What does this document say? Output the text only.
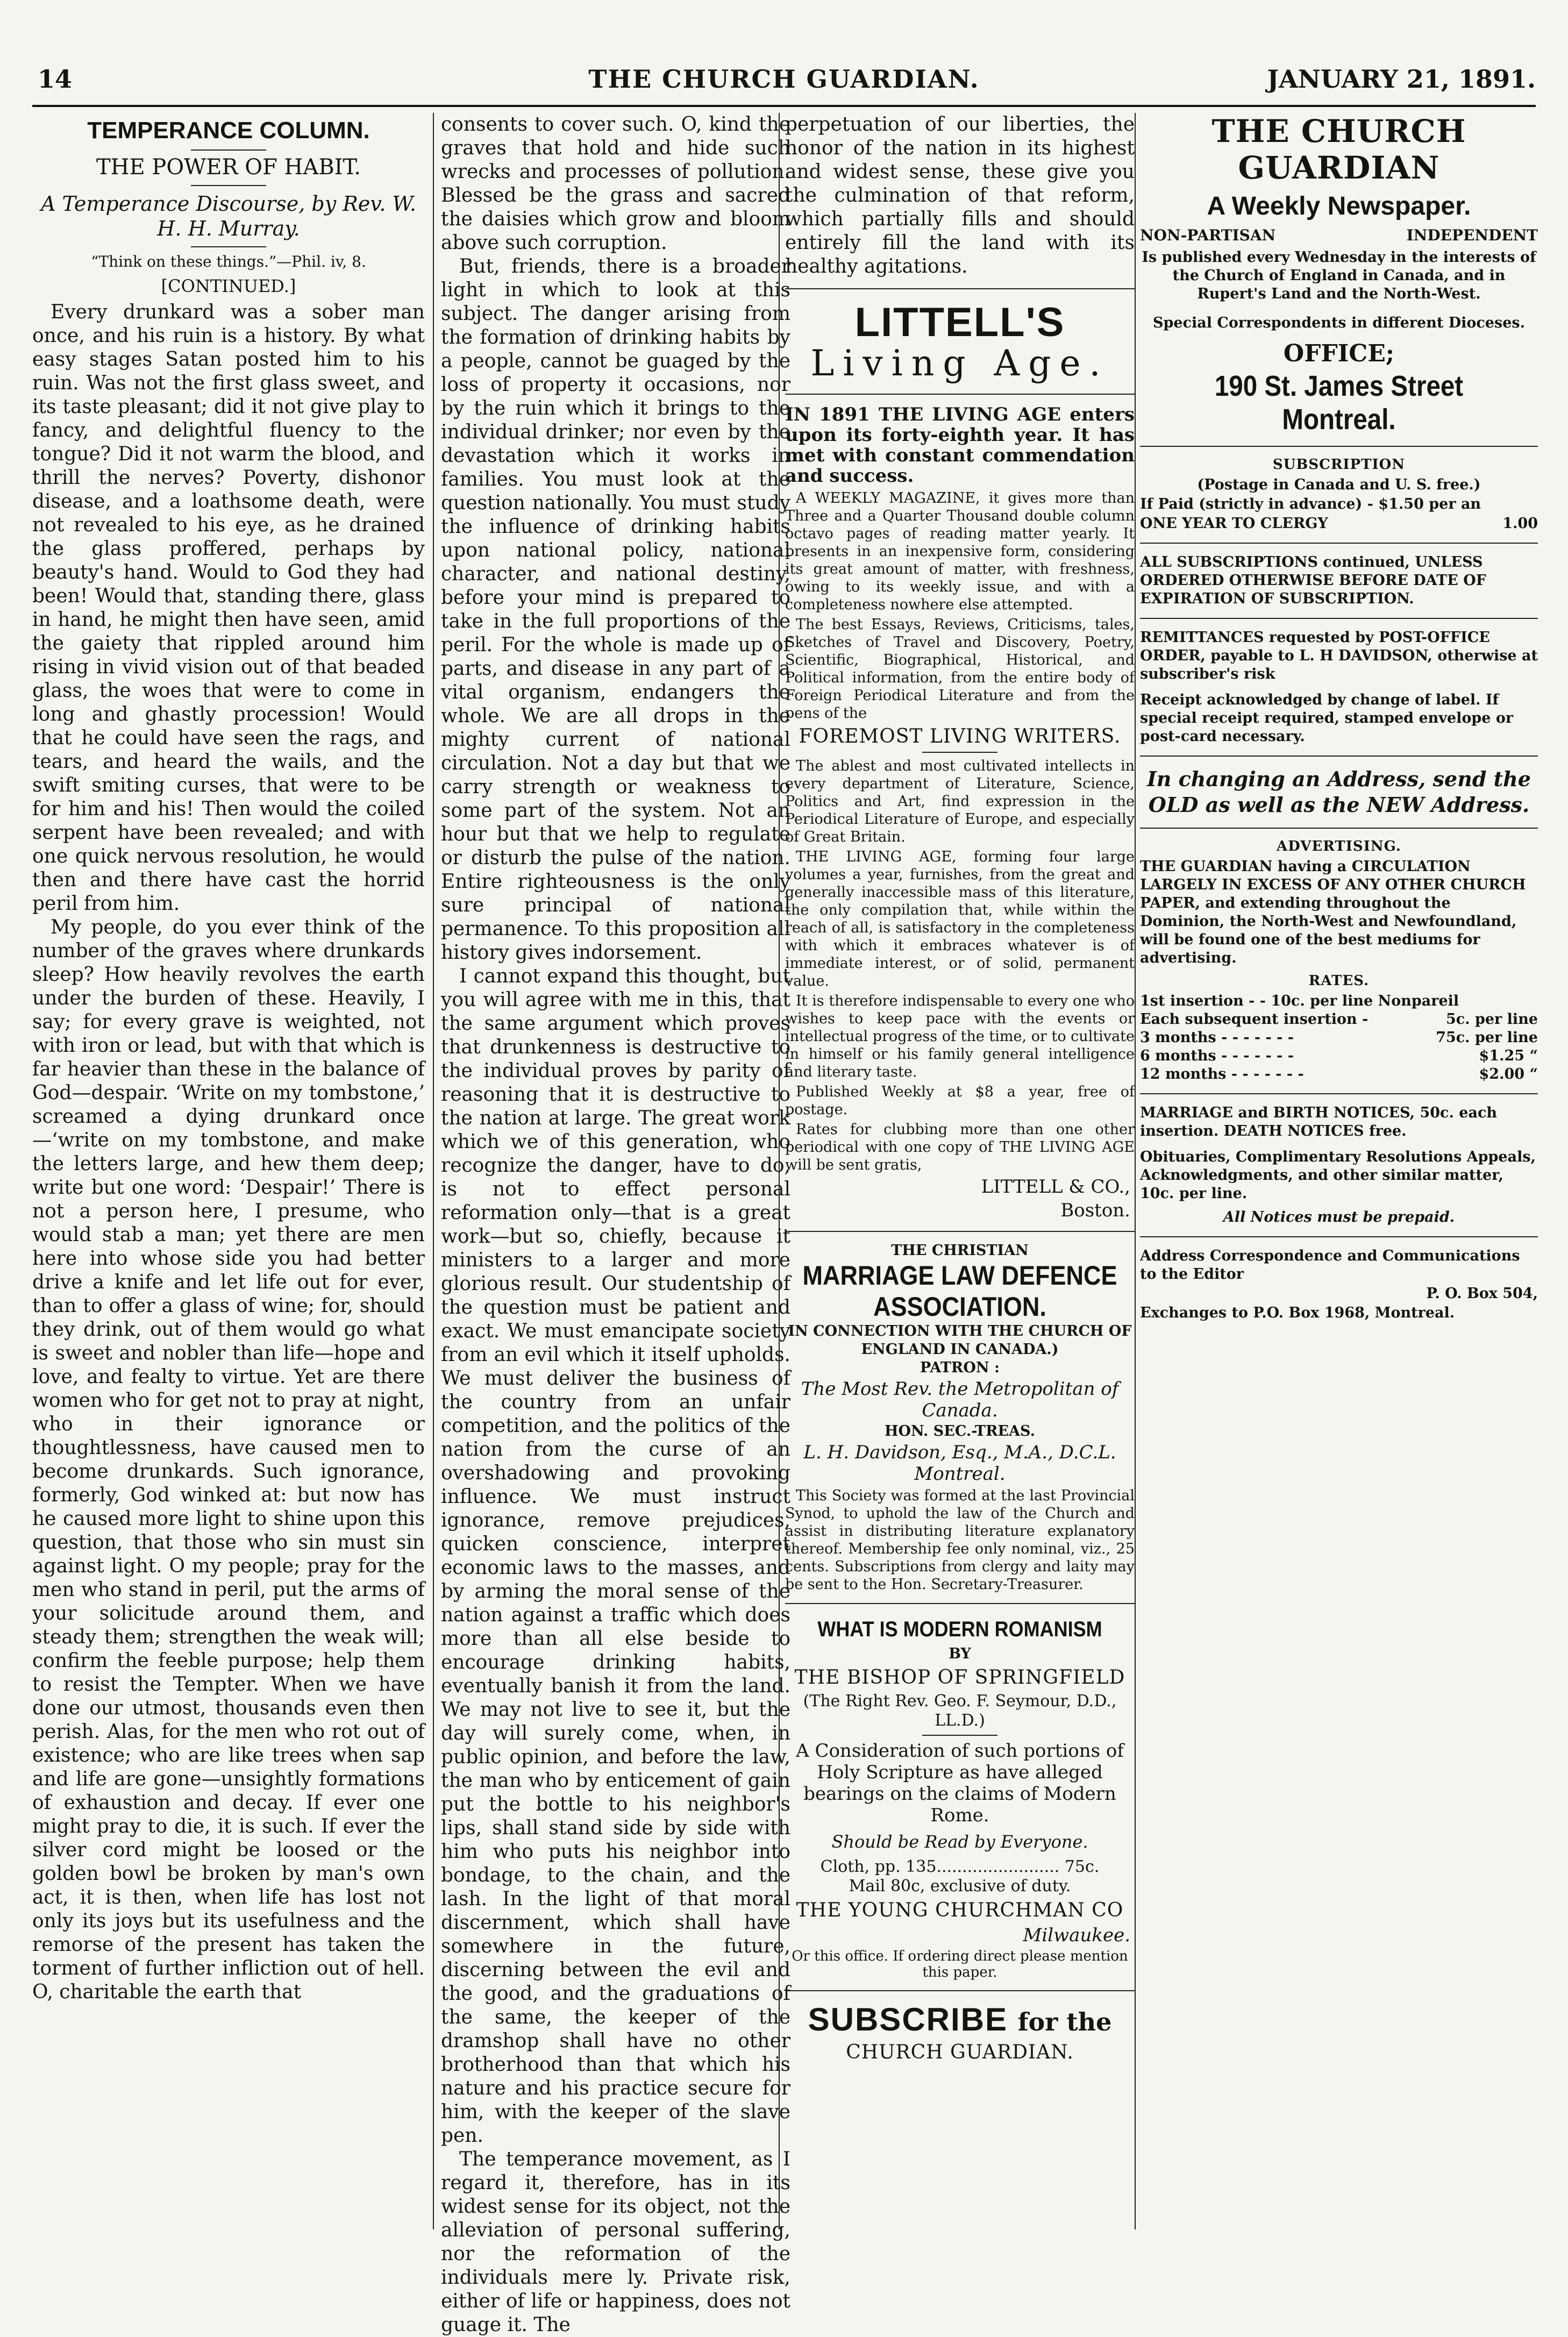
14	THE CHURCH GUARDIAN.	JANUARY 21, 1891.
TEMPERANCE COLUMN.
THE POWER OF HABIT.
A Temperance Discourse, by Rev. W. H. H. Murray.
“Think on these things.”—Phil. iv, 8.
[CONTINUED.]

Every drunkard was a sober man once, and his ruin is a history. By what easy stages Satan posted him to his ruin. Was not the first glass sweet, and its taste pleasant; did it not give play to fancy, and delightful fluency to the tongue? Did it not warm the blood, and thrill the nerves? Poverty, dishonor disease, and a loathsome death, were not revealed to his eye, as he drained the glass proffered, perhaps by beauty's hand. Would to God they had been! Would that, standing there, glass in hand, he might then have seen, amid the gaiety that rippled around him rising in vivid vision out of that beaded glass, the woes that were to come in long and ghastly procession! Would that he could have seen the rags, and tears, and heard the wails, and the swift smiting curses, that were to be for him and his! Then would the coiled serpent have been revealed; and with one quick nervous resolution, he would then and there have cast the horrid peril from him.

My people, do you ever think of the number of the graves where drunkards sleep? How heavily revolves the earth under the burden of these. Heavily, I say; for every grave is weighted, not with iron or lead, but with that which is far heavier than these in the balance of God—despair. ‘Write on my tombstone,’ screamed a dying drunkard once—‘write on my tombstone, and make the letters large, and hew them deep; write but one word: ‘Despair!’ There is not a person here, I presume, who would stab a man; yet there are men here into whose side you had better drive a knife and let life out for ever, than to offer a glass of wine; for, should they drink, out of them would go what is sweet and nobler than life—hope and love, and fealty to virtue. Yet are there women who for get not to pray at night, who in their ignorance or thoughtlessness, have caused men to become drunkards. Such ignorance, formerly, God winked at: but now has he caused more light to shine upon this question, that those who sin must sin against light. O my people; pray for the men who stand in peril, put the arms of your solicitude around them, and steady them; strengthen the weak will; confirm the feeble purpose; help them to resist the Tempter. When we have done our utmost, thousands even then perish. Alas, for the men who rot out of existence; who are like trees when sap and life are gone—unsightly formations of exhaustion and decay. If ever one might pray to die, it is such. If ever the silver cord might be loosed or the golden bowl be broken by man's own act, it is then, when life has lost not only its joys but its usefulness and the remorse of the present has taken the torment of further infliction out of hell. O, charitable the earth that

consents to cover such. O, kind the graves that hold and hide such wrecks and processes of pollution. Blessed be the grass and sacred the daisies which grow and bloom above such corruption.

But, friends, there is a broader light in which to look at this subject. The danger arising from the formation of drinking habits by a people, cannot be guaged by the loss of property it occasions, nor by the ruin which it brings to the individual drinker; nor even by the devastation which it works in families. You must look at the question nationally. You must study the influence of drinking habits upon national policy, national character, and national destiny, before your mind is prepared to take in the full proportions of the peril. For the whole is made up of parts, and disease in any part of a vital organism, endangers the whole. We are all drops in the mighty current of national circulation. Not a day but that we carry strength or weakness to some part of the system. Not an hour but that we help to regulate or disturb the pulse of the nation. Entire righteousness is the only sure principal of national permanence. To this proposition all history gives indorsement.

I cannot expand this thought, but you will agree with me in this, that the same argument which proves that drunkenness is destructive to the individual proves by parity of reasoning that it is destructive to the nation at large. The great work which we of this generation, who recognize the danger, have to do, is not to effect personal reformation only—that is a great work—but so, chiefly, because it ministers to a larger and more glorious result. Our studentship of the question must be patient and exact. We must emancipate society from an evil which it itself upholds. We must deliver the business of the country from an unfair competition, and the politics of the nation from the curse of an overshadowing and provoking influence. We must instruct ignorance, remove prejudices, quicken conscience, interpret economic laws to the masses, and by arming the moral sense of the nation against a traffic which does more than all else beside to encourage drinking habits, eventually banish it from the land. We may not live to see it, but the day will surely come, when, in public opinion, and before the law, the man who by enticement of gain put the bottle to his neighbor's lips, shall stand side by side with him who puts his neighbor into bondage, to the chain, and the lash. In the light of that moral discernment, which shall have somewhere in the future, discerning between the evil and the good, and the graduations of the same, the keeper of the dramshop shall have no other brotherhood than that which his nature and his practice secure for him, with the keeper of the slave pen.

The temperance movement, as I regard it, therefore, has in its widest sense for its object, not the alleviation of personal suffering, nor the reformation of the individuals mere ly. Private risk, either of life or happiness, does not guage it. The

perpetuation of our liberties, the honor of the nation in its highest and widest sense, these give you the culmination of that reform, which partially fills and should entirely fill the land with its healthy agitations.

LITTELL'S
Living Age.
IN 1891 THE LIVING AGE enters upon its forty-eighth year. It has met with constant commendation and success.
A WEEKLY MAGAZINE, it gives more than Three and a Quarter Thousand double column octavo pages of reading matter yearly. It presents in an inexpensive form, considering its great amount of matter, with freshness, owing to its weekly issue, and with a completeness nowhere else attempted.
The best Essays, Reviews, Criticisms, tales, Sketches of Travel and Discovery, Poetry, Scientific, Biographical, Historical, and Political information, from the entire body of Foreign Periodical Literature and from the pens of the
FOREMOST LIVING WRITERS.
The ablest and most cultivated intellects in every department of Literature, Science, Politics and Art, find expression in the Periodical Literature of Europe, and especially of Great Britain.
THE LIVING AGE, forming four large volumes a year, furnishes, from the great and generally inaccessible mass of this literature, the only compilation that, while within the reach of all, is satisfactory in the completeness with which it embraces whatever is of immediate interest, or of solid, permanent value.
It is therefore indispensable to every one who wishes to keep pace with the events or intellectual progress of the time, or to cultivate in himself or his family general intelligence and literary taste.
Published Weekly at $8 a year, free of postage.
Rates for clubbing more than one other periodical with one copy of THE LIVING AGE will be sent gratis,
LITTELL & CO.,
Boston.
THE CHRISTIAN
MARRIAGE LAW DEFENCE
ASSOCIATION.
IN CONNECTION WITH THE CHURCH OF ENGLAND IN CANADA.)
PATRON :
The Most Rev. the Metropolitan of Canada.
HON. SEC.-TREAS.
L. H. Davidson, Esq., M.A., D.C.L. Montreal.
This Society was formed at the last Provincial Synod, to uphold the law of the Church and assist in distributing literature explanatory thereof. Membership fee only nominal, viz., 25 cents. Subscriptions from clergy and laity may be sent to the Hon. Secretary-Treasurer.
WHAT IS MODERN ROMANISM
BY
THE BISHOP OF SPRINGFIELD
(The Right Rev. Geo. F. Seymour, D.D., LL.D.)
A Consideration of such portions of Holy Scripture as have alleged bearings on the claims of Modern Rome.
Should be Read by Everyone.
Cloth, pp. 135........................ 75c.
Mail 80c, exclusive of duty.
THE YOUNG CHURCHMAN CO
Milwaukee.
Or this office. If ordering direct please mention this paper.
SUBSCRIBE for the
CHURCH GUARDIAN.
THE CHURCH GUARDIAN
A Weekly Newspaper.
NON-PARTISAN	INDEPENDENT
Is published every Wednesday in the interests of the Church of England in Canada, and in Rupert's Land and the North-West.
Special Correspondents in different Dioceses.
OFFICE;
190 St. James Street Montreal.
SUBSCRIPTION
(Postage in Canada and U. S. free.)
If Paid (strictly in advance) - $1.50 per an
ONE YEAR TO CLERGY	1.00
ALL SUBSCRIPTIONS continued, UNLESS ORDERED OTHERWISE BEFORE DATE OF EXPIRATION OF SUBSCRIPTION.
REMITTANCES requested by POST-OFFICE ORDER, payable to L. H DAVIDSON, otherwise at subscriber's risk
Receipt acknowledged by change of label. If special receipt required, stamped envelope or post-card necessary.
In changing an Address, send the OLD as well as the NEW Address.
ADVERTISING.
THE GUARDIAN having a CIRCULATION LARGELY IN EXCESS OF ANY OTHER CHURCH PAPER, and extending throughout the Dominion, the North-West and Newfoundland, will be found one of the best mediums for advertising.
RATES.
1st insertion - - 10c. per line Nonpareil
Each subsequent insertion -	5c. per line
3 months - - - - - - -	75c. per line
6 months - - - - - - -	$1.25 “
12 months - - - - - - -	$2.00 “
MARRIAGE and BIRTH NOTICES, 50c. each insertion. DEATH NOTICES free.
Obituaries, Complimentary Resolutions Appeals, Acknowledgments, and other similar matter, 10c. per line.
All Notices must be prepaid.
Address Correspondence and Communications to the Editor
P. O. Box 504,
Exchanges to P.O. Box 1968, Montreal.
